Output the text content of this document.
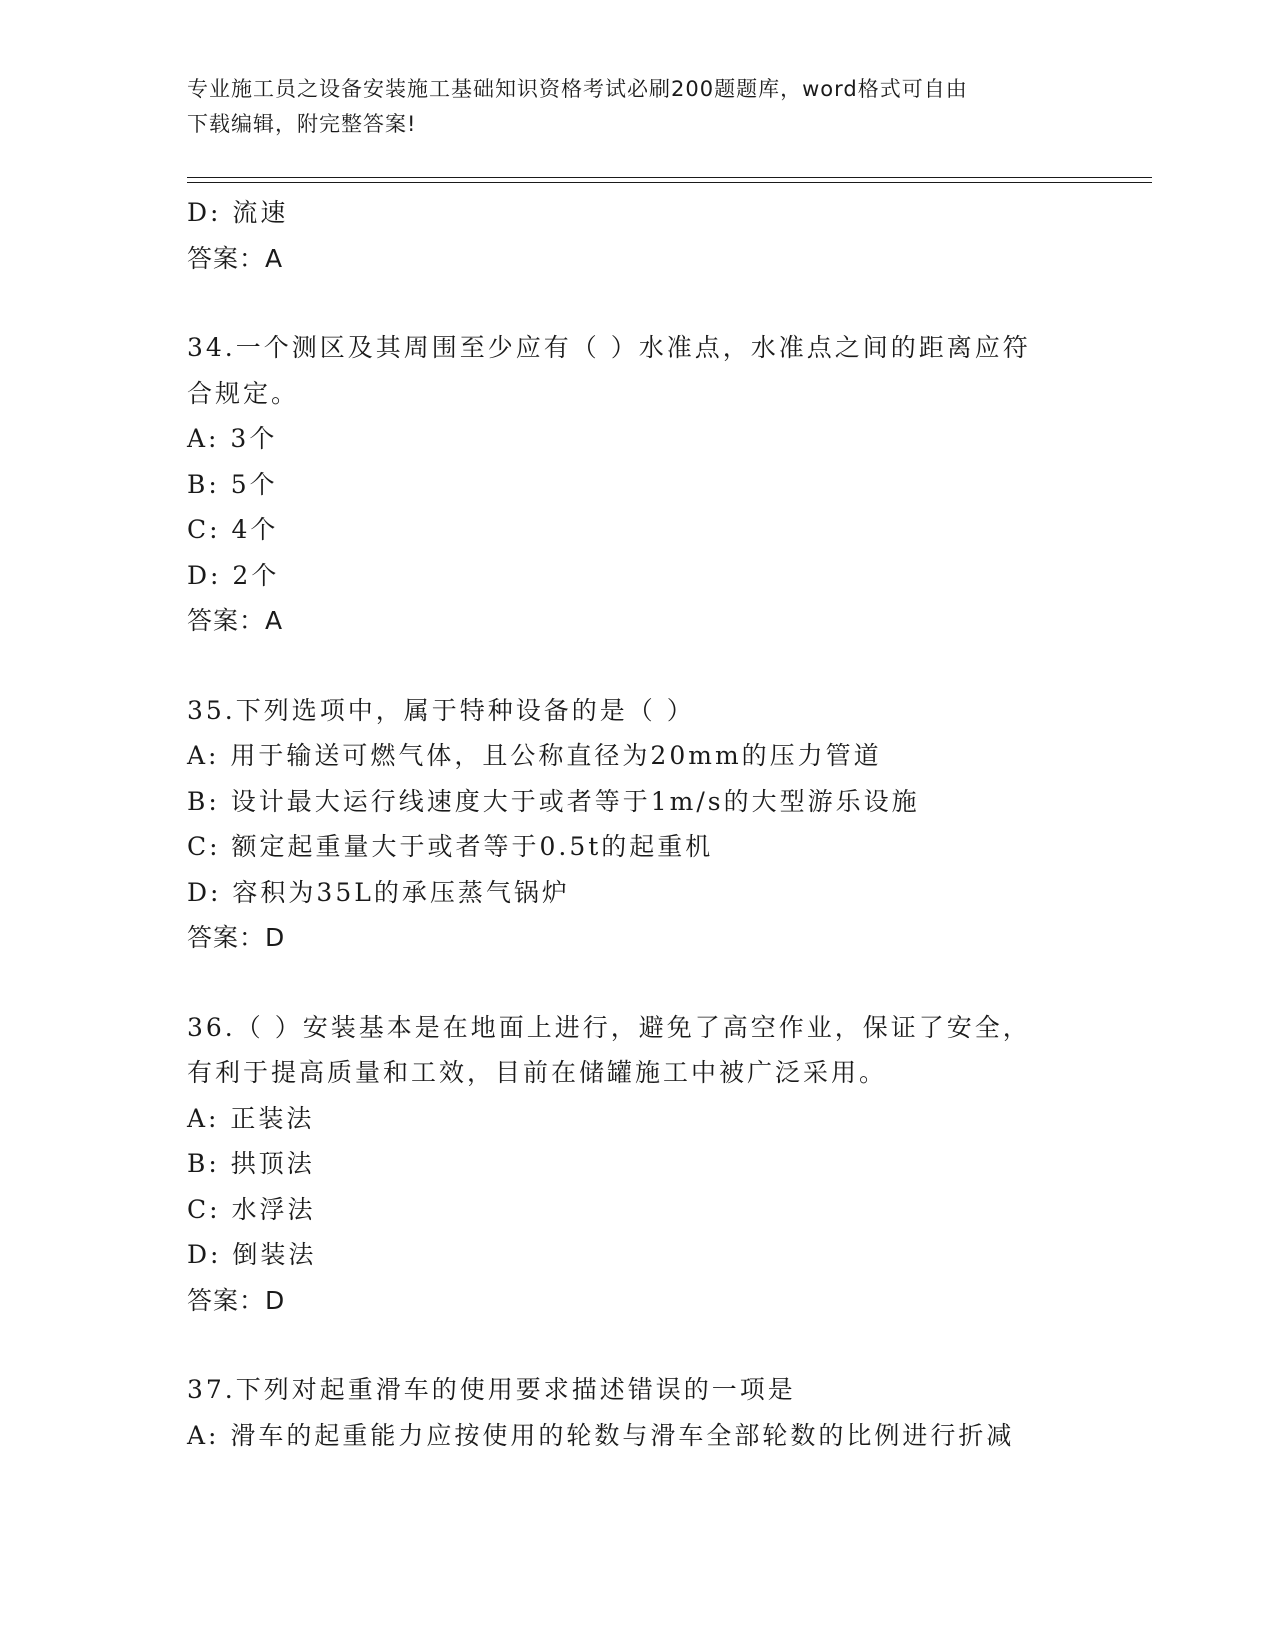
专业施工员之设备安装施工基础知识资格考试必刷200题题库，word格式可自由
下载编辑，附完整答案!
D: 流速
答案：A
34.一个测区及其周围至少应有（ ）水准点，水准点之间的距离应符
合规定。
A: 3个
B: 5个
C: 4个
D: 2个
答案：A
35.下列选项中，属于特种设备的是（ ）
A: 用于输送可燃气体，且公称直径为20mm的压力管道
B: 设计最大运行线速度大于或者等于1m/s的大型游乐设施
C: 额定起重量大于或者等于0.5t的起重机
D: 容积为35L的承压蒸气锅炉
答案：D
36.（ ）安装基本是在地面上进行，避免了高空作业，保证了安全，
有利于提高质量和工效，目前在储罐施工中被广泛采用。
A: 正装法
B: 拱顶法
C: 水浮法
D: 倒装法
答案：D
37.下列对起重滑车的使用要求描述错误的一项是
A: 滑车的起重能力应按使用的轮数与滑车全部轮数的比例进行折减
